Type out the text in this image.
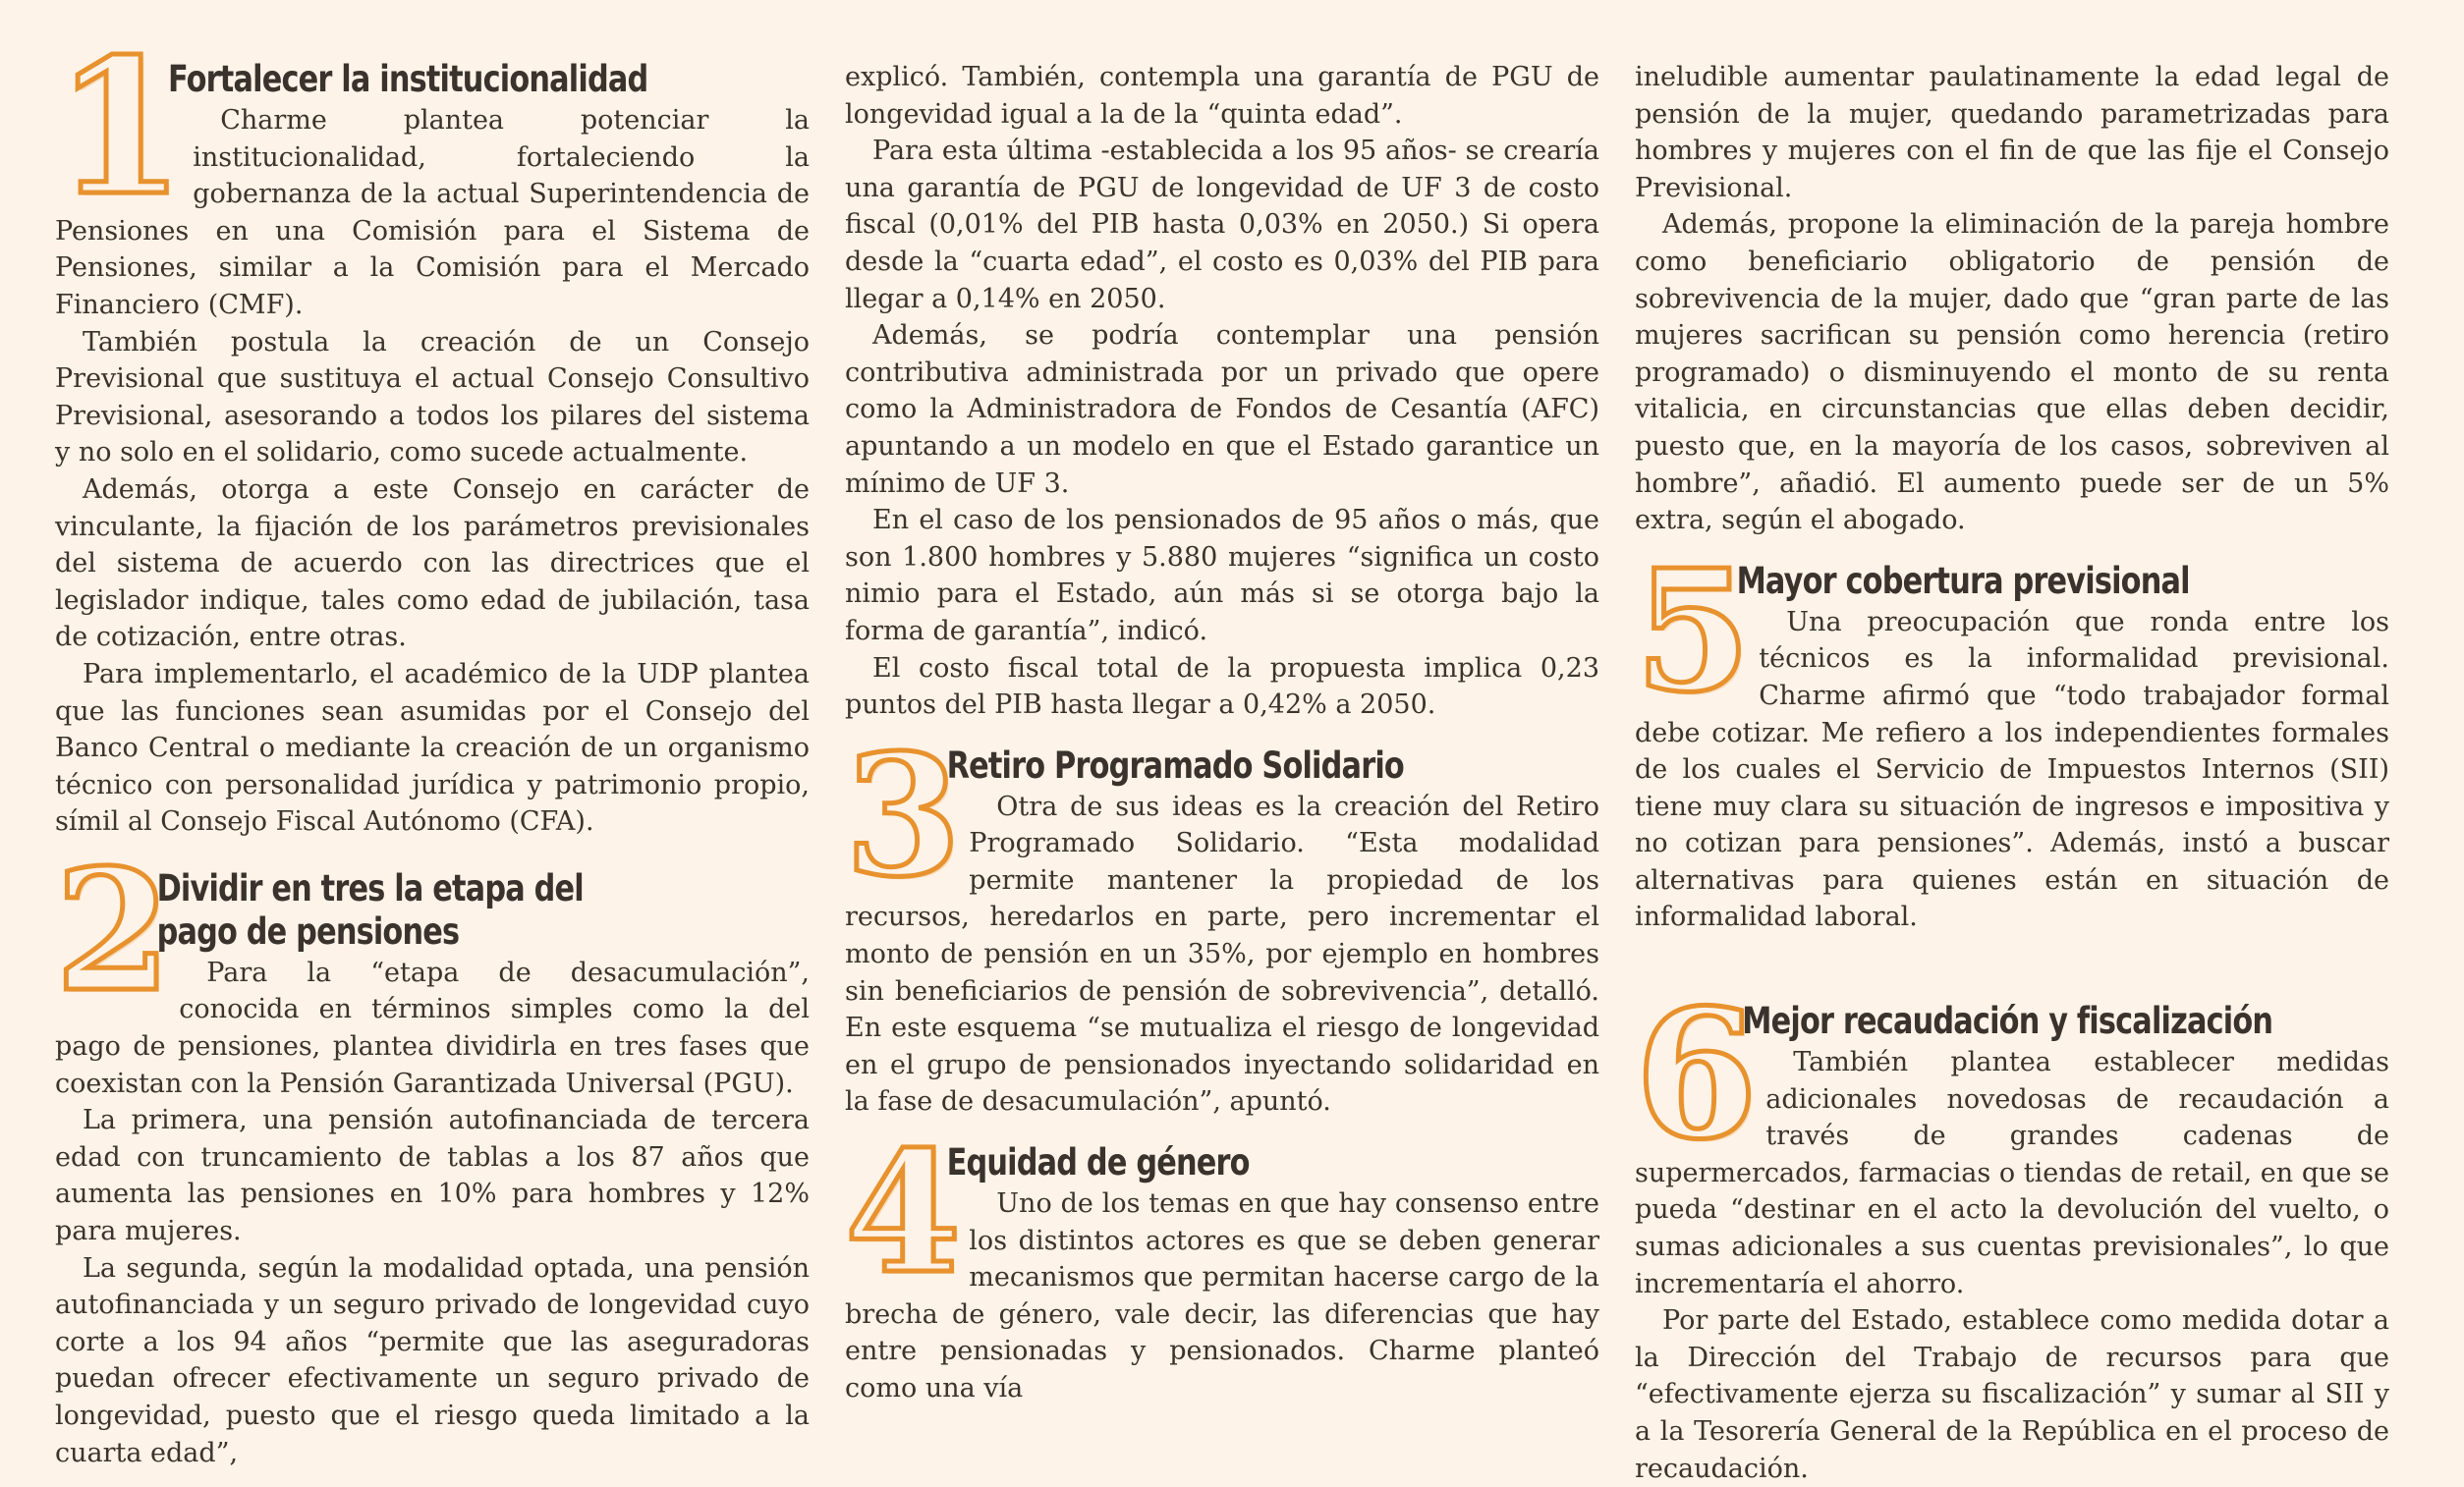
1
Fortalecer la institucionalidad

Charme plantea potenciar la institucionalidad, fortaleciendo la gobernanza de la actual Superintendencia de Pensiones en una Comisión para el Sistema de Pensiones, similar a la Comisión para el Mercado Financiero (CMF).

También postula la creación de un Consejo Previsional que sustituya el actual Consejo Consultivo Previsional, asesorando a todos los pilares del sistema y no solo en el solidario, como sucede actualmente.

Además, otorga a este Consejo en carácter de vinculante, la fijación de los parámetros previsionales del sistema de acuerdo con las directrices que el legislador indique, tales como edad de jubilación, tasa de cotización, entre otras.

Para implementarlo, el académico de la UDP plantea que las funciones sean asumidas por el Consejo del Banco Central o mediante la creación de un organismo técnico con personalidad jurídica y patrimonio propio, símil al Consejo Fiscal Autónomo (CFA).

2
Dividir en tres la etapa del
pago de pensiones

Para la “etapa de desacumulación”, conocida en términos simples como la del pago de pensiones, plantea dividirla en tres fases que coexistan con la Pensión Garantizada Universal (PGU).

La primera, una pensión autofinanciada de tercera edad con truncamiento de tablas a los 87 años que aumenta las pensiones en 10% para hombres y 12% para mujeres.

La segunda, según la modalidad optada, una pensión autofinanciada y un seguro privado de longevidad cuyo corte a los 94 años “permite que las aseguradoras puedan ofrecer efectivamente un seguro privado de longevidad, puesto que el riesgo queda limitado a la cuarta edad”,

explicó. También, contempla una garantía de PGU de longevidad igual a la de la “quinta edad”.

Para esta última -establecida a los 95 años- se crearía una garantía de PGU de longevidad de UF 3 de costo fiscal (0,01% del PIB hasta 0,03% en 2050.) Si opera desde la “cuarta edad”, el costo es 0,03% del PIB para llegar a 0,14% en 2050.

Además, se podría contemplar una pensión contributiva administrada por un privado que opere como la Administradora de Fondos de Cesantía (AFC) apuntando a un modelo en que el Estado garantice un mínimo de UF 3.

En el caso de los pensionados de 95 años o más, que son 1.800 hombres y 5.880 mujeres “significa un costo nimio para el Estado, aún más si se otorga bajo la forma de garantía”, indicó.

El costo fiscal total de la propuesta implica 0,23 puntos del PIB hasta llegar a 0,42% a 2050.

3
Retiro Programado Solidario

Otra de sus ideas es la creación del Retiro Programado Solidario. “Esta modalidad permite mantener la propiedad de los recursos, heredarlos en parte, pero incrementar el monto de pensión en un 35%, por ejemplo en hombres sin beneficiarios de pensión de sobrevivencia”, detalló. En este esquema “se mutualiza el riesgo de longevidad en el grupo de pensionados inyectando solidaridad en la fase de desacumulación”, apuntó.

4
Equidad de género

Uno de los temas en que hay consenso entre los distintos actores es que se deben generar mecanismos que permitan hacerse cargo de la brecha de género, vale decir, las diferencias que hay entre pensionadas y pensionados. Charme planteó como una vía

ineludible aumentar paulatinamente la edad legal de pensión de la mujer, quedando parametrizadas para hombres y mujeres con el fin de que las fije el Consejo Previsional.

Además, propone la eliminación de la pareja hombre como beneficiario obligatorio de pensión de sobrevivencia de la mujer, dado que “gran parte de las mujeres sacrifican su pensión como herencia (retiro programado) o disminuyendo el monto de su renta vitalicia, en circunstancias que ellas deben decidir, puesto que, en la mayoría de los casos, sobreviven al hombre”, añadió. El aumento puede ser de un 5% extra, según el abogado.

5
Mayor cobertura previsional

Una preocupación que ronda entre los técnicos es la informalidad previsional. Charme afirmó que “todo trabajador formal debe cotizar. Me refiero a los independientes formales de los cuales el Servicio de Impuestos Internos (SII) tiene muy clara su situación de ingresos e impositiva y no cotizan para pensiones”. Además, instó a buscar alternativas para quienes están en situación de informalidad laboral.

6
Mejor recaudación y fiscalización

También plantea establecer medidas adicionales novedosas de recaudación a través de grandes cadenas de supermercados, farmacias o tiendas de retail, en que se pueda “destinar en el acto la devolución del vuelto, o sumas adicionales a sus cuentas previsionales”, lo que incrementaría el ahorro.

Por parte del Estado, establece como medida dotar a la Dirección del Trabajo de recursos para que “efectivamente ejerza su fiscalización” y sumar al SII y a la Tesorería General de la República en el proceso de recaudación.
